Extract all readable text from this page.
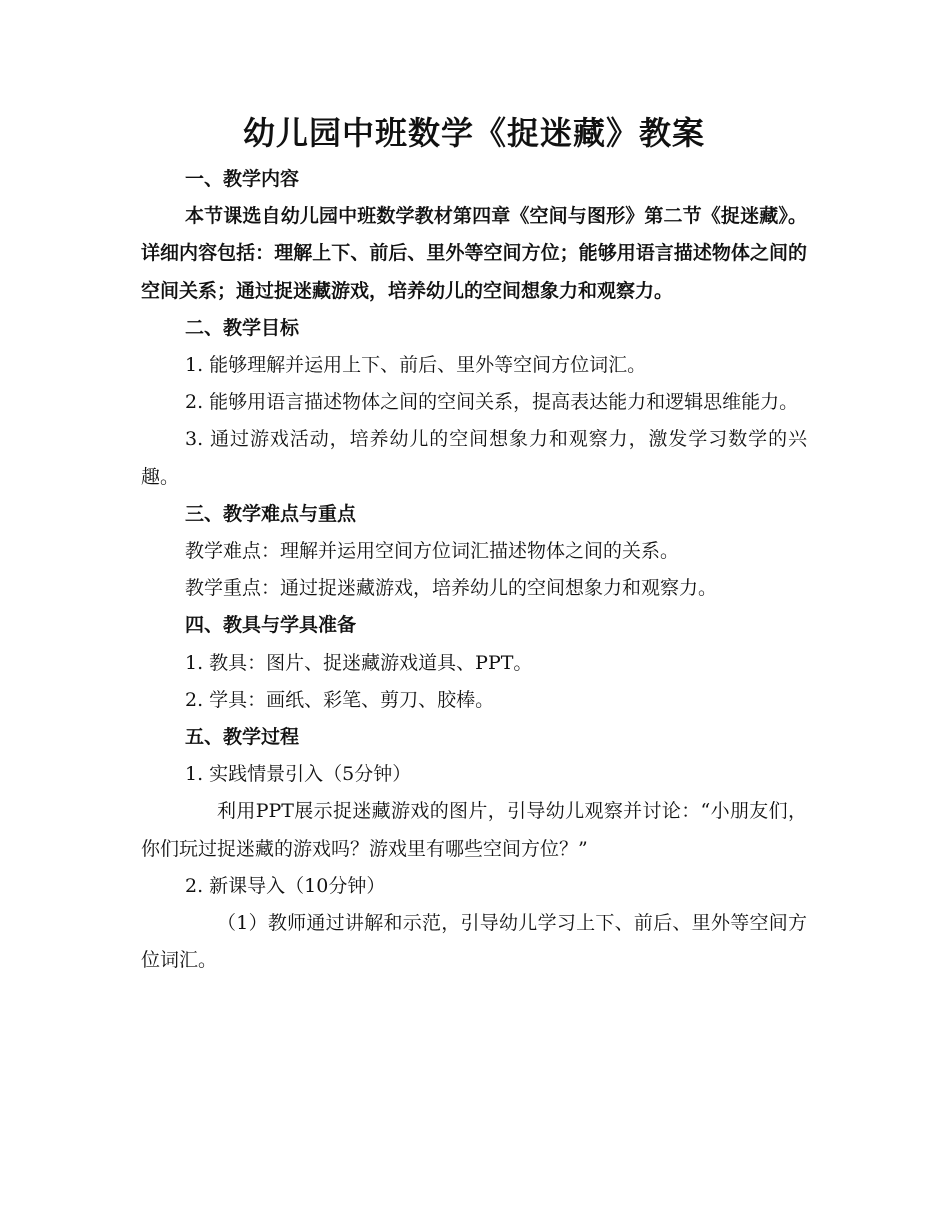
幼儿园中班数学《捉迷藏》教案

一、教学内容

本节课选自幼儿园中班数学教材第四章《空间与图形》第二节《捉迷藏》。详细内容包括：理解上下、前后、里外等空间方位；能够用语言描述物体之间的空间关系；通过捉迷藏游戏，培养幼儿的空间想象力和观察力。

二、教学目标

1. 能够理解并运用上下、前后、里外等空间方位词汇。

2. 能够用语言描述物体之间的空间关系，提高表达能力和逻辑思维能力。

3. 通过游戏活动，培养幼儿的空间想象力和观察力，激发学习数学的兴趣。

三、教学难点与重点

教学难点：理解并运用空间方位词汇描述物体之间的关系。

教学重点：通过捉迷藏游戏，培养幼儿的空间想象力和观察力。

四、教具与学具准备

1. 教具：图片、捉迷藏游戏道具、PPT。

2. 学具：画纸、彩笔、剪刀、胶棒。

五、教学过程

1. 实践情景引入（5分钟）

利用PPT展示捉迷藏游戏的图片，引导幼儿观察并讨论：“小朋友们，你们玩过捉迷藏的游戏吗？游戏里有哪些空间方位？”

2. 新课导入（10分钟）

（1）教师通过讲解和示范，引导幼儿学习上下、前后、里外等空间方位词汇。
